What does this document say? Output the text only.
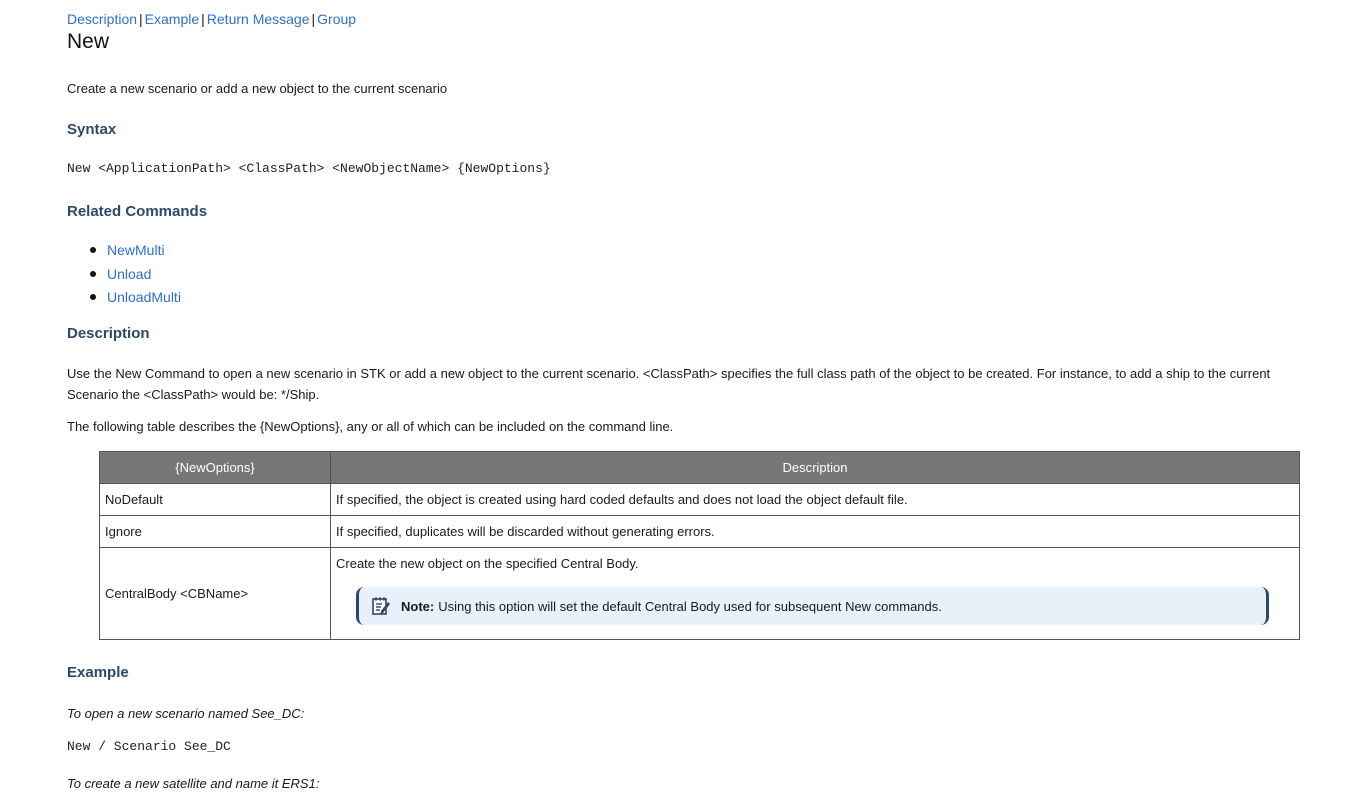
Description | Example | Return Message | Group
New

Create a new scenario or add a new object to the current scenario

Syntax
New <ApplicationPath> <ClassPath> <NewObjectName> {NewOptions}
Related Commands
NewMulti
Unload
UnloadMulti
Description

Use the New Command to open a new scenario in STK or add a new object to the current scenario. <ClassPath> specifies the full class path of the object to be created. For instance, to add a ship to the current Scenario the <ClassPath> would be: */Ship.

The following table describes the {NewOptions}, any or all of which can be included on the command line.

{NewOptions}	Description
NoDefault	If specified, the object is created using hard coded defaults and does not load the object default file.
Ignore	If specified, duplicates will be discarded without generating errors.
CentralBody <CBName>	Create the new object on the specified Central Body.
Note: Using this option will set the default Central Body used for subsequent New commands.
Example

To open a new scenario named See_DC:

New / Scenario See_DC

To create a new satellite and name it ERS1:
